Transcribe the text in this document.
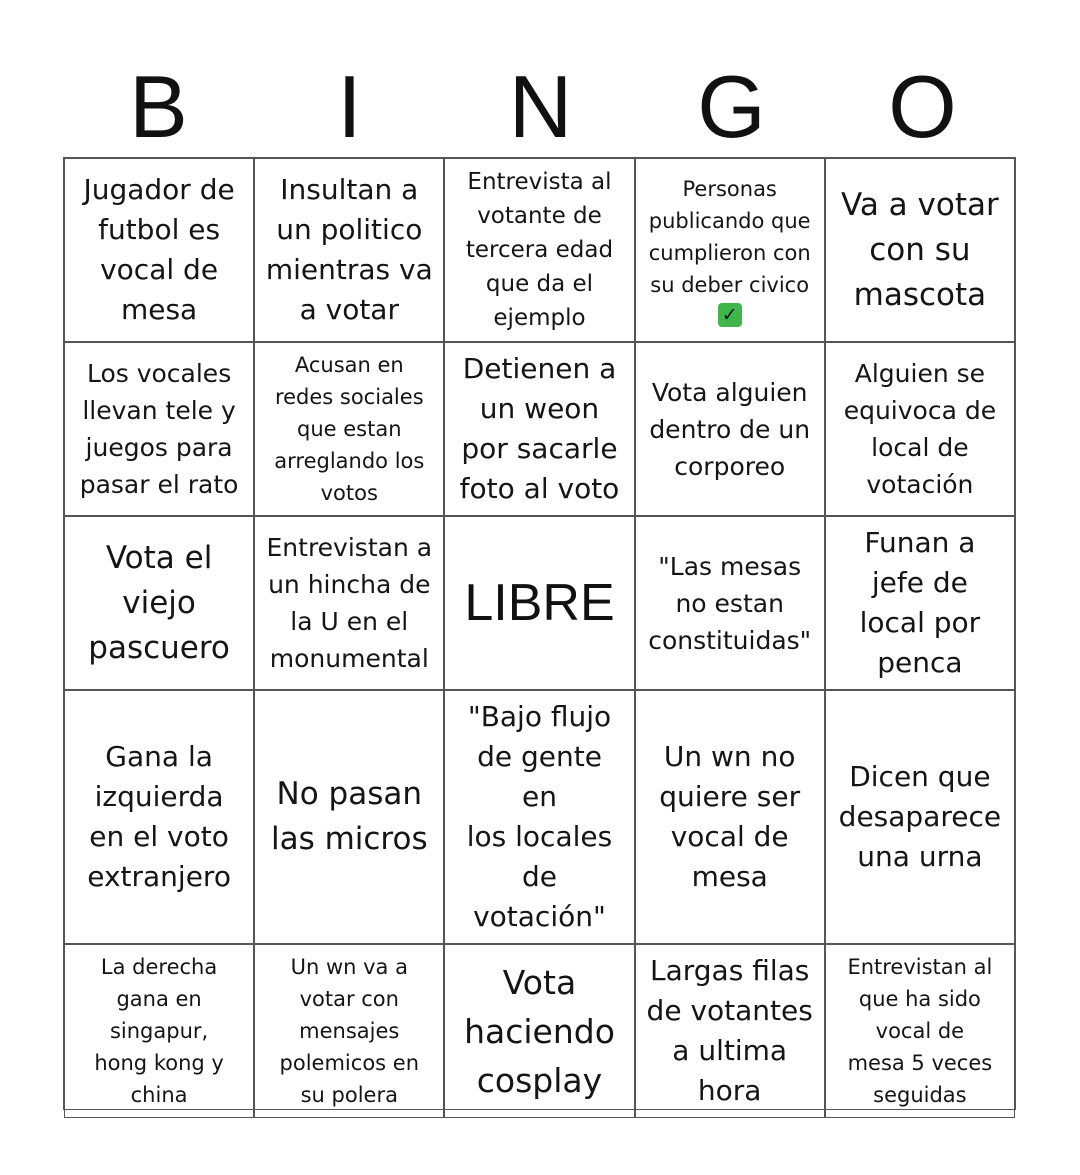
B	I	N	G	O
Jugador de
futbol es
vocal de
mesa
Insultan a
un politico
mientras va
a votar
Entrevista al
votante de
tercera edad
que da el
ejemplo
Personas
publicando que
cumplieron con
su deber civico
✓
Va a votar
con su
mascota
Los vocales
llevan tele y
juegos para
pasar el rato
Acusan en
redes sociales
que estan
arreglando los
votos
Detienen a
un weon
por sacarle
foto al voto
Vota alguien
dentro de un
corporeo
Alguien se
equivoca de
local de
votación
Vota el
viejo
pascuero
Entrevistan a
un hincha de
la U en el
monumental
LIBRE
"Las mesas
no estan
constituidas"
Funan a
jefe de
local por
penca
Gana la
izquierda
en el voto
extranjero
No pasan
las micros
"Bajo flujo
de gente en
los locales
de votación"
Un wn no
quiere ser
vocal de
mesa
Dicen que
desaparece
una urna
La derecha
gana en
singapur,
hong kong y
china
Un wn va a
votar con
mensajes
polemicos en
su polera
Vota
haciendo
cosplay
Largas filas
de votantes
a ultima
hora
Entrevistan al
que ha sido
vocal de
mesa 5 veces
seguidas
